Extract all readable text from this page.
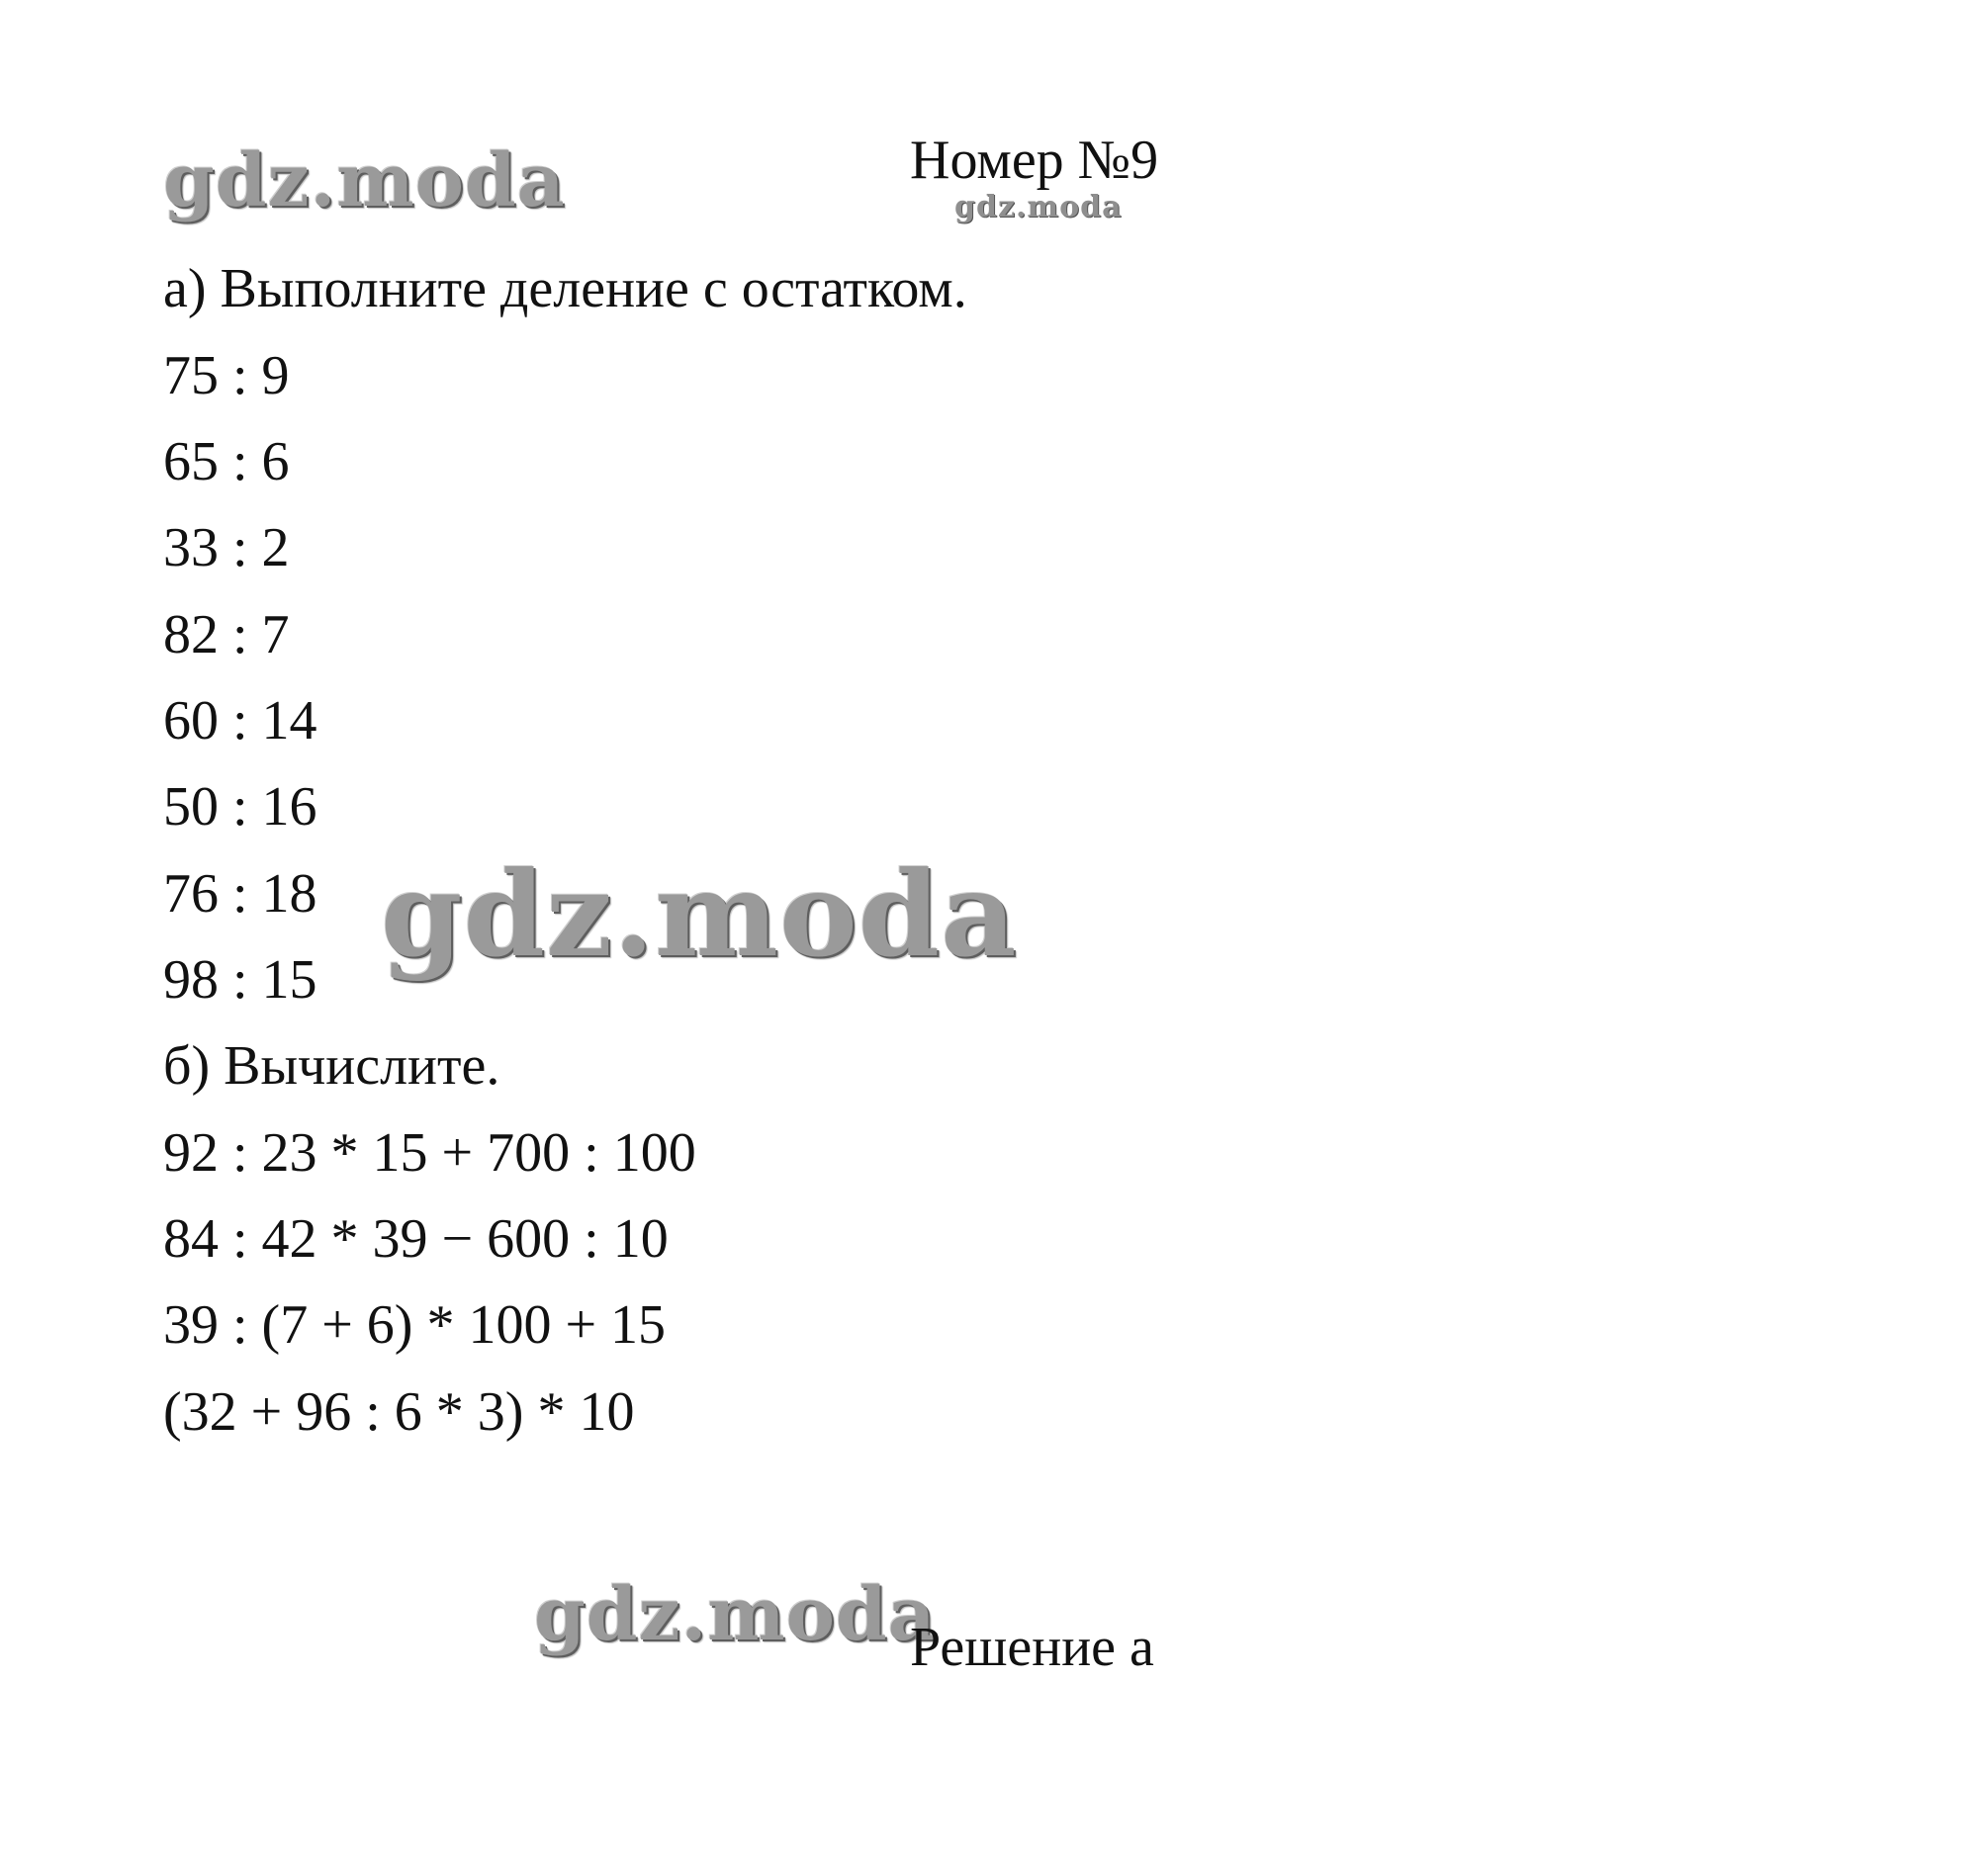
gdz.moda	Номер №9
gdz.moda
а) Выполните деление с остатком.
75 : 9
65 : 6
33 : 2
82 : 7
60 : 14
50 : 16
76 : 18
98 : 15 gdz.moda
б) Вычислите.
92 : 23 * 15 + 700 : 100
84 : 42 * 39 − 600 : 10
39 : (7 + 6) * 100 + 15
(32 + 96 : 6 * 3) * 10
gdz.moda
Решение а
